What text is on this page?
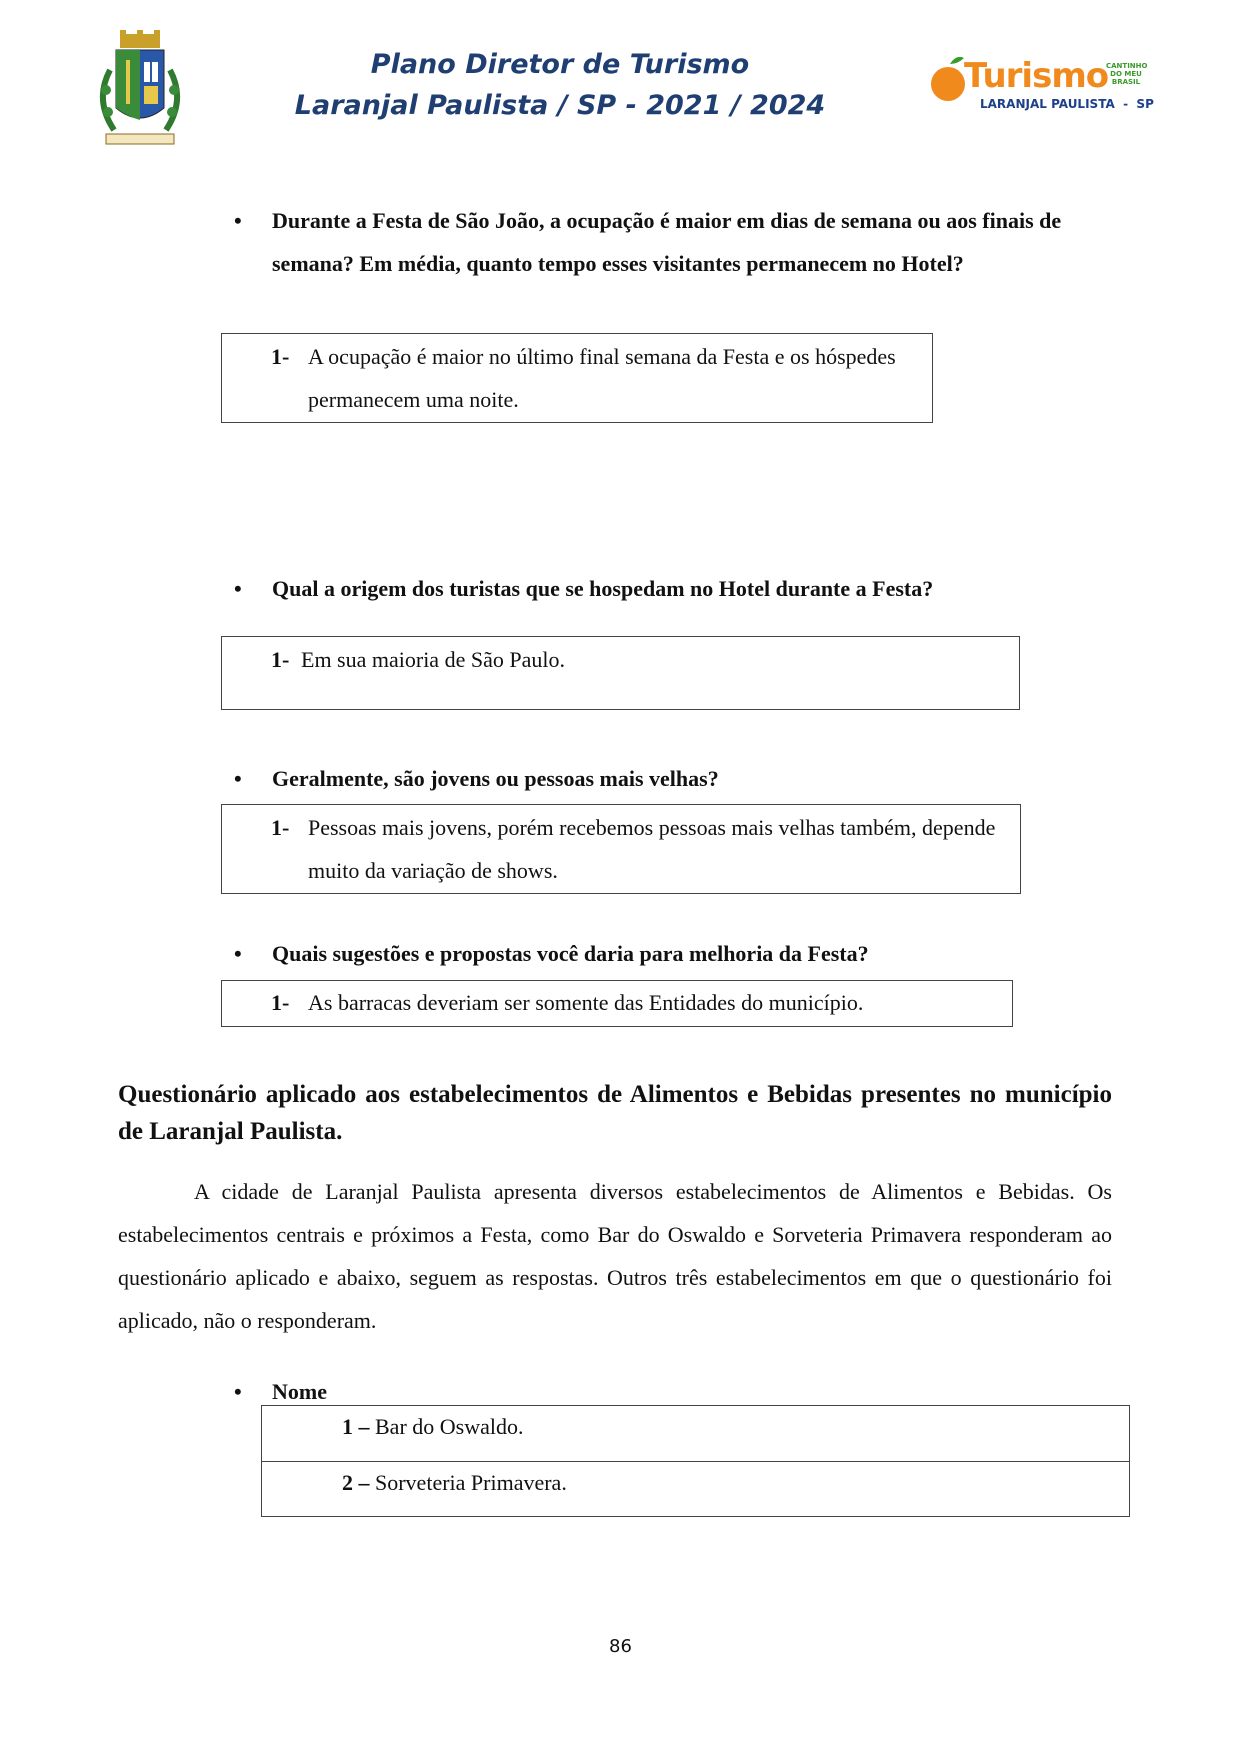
Plano Diretor de Turismo
Laranjal Paulista / SP - 2021 / 2024
Turismo
CANTINHO
DO MEU
BRASIL
LARANJAL PAULISTA  -  SP
•	Durante a Festa de São João, a ocupação é maior em dias de semana ou aos finais de semana? Em média, quanto tempo esses visitantes permanecem no Hotel?
1- A ocupação é maior no último final semana da Festa e os hóspedes permanecem uma noite.
•	Qual a origem dos turistas que se hospedam no Hotel durante a Festa?
1- Em sua maioria de São Paulo.
•	Geralmente, são jovens ou pessoas mais velhas?
1- Pessoas mais jovens, porém recebemos pessoas mais velhas também, depende muito da variação de shows.
•	Quais sugestões e propostas você daria para melhoria da Festa?
1- As barracas deveriam ser somente das Entidades do município.
Questionário aplicado aos estabelecimentos de Alimentos e Bebidas presentes no município de Laranjal Paulista.
A cidade de Laranjal Paulista apresenta diversos estabelecimentos de Alimentos e Bebidas. Os estabelecimentos centrais e próximos a Festa, como Bar do Oswaldo e Sorveteria Primavera responderam ao questionário aplicado e abaixo, seguem as respostas. Outros três estabelecimentos em que o questionário foi aplicado, não o responderam.
•	Nome
1 – Bar do Oswaldo.
2 – Sorveteria Primavera.
86
